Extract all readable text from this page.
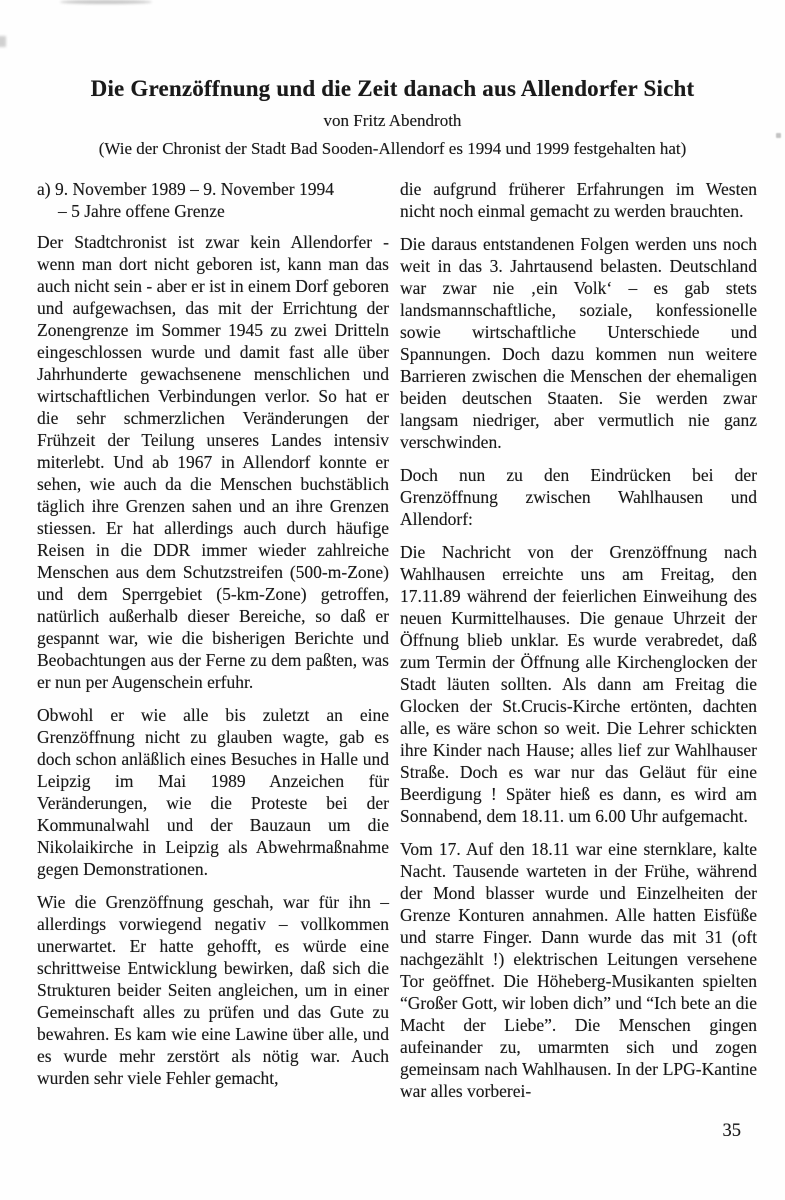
Die Grenzöffnung und die Zeit danach aus Allendorfer Sicht
von Fritz Abendroth
(Wie der Chronist der Stadt Bad Sooden-Allendorf es 1994 und 1999 festgehalten hat)
a) 9. November 1989 – 9. November 1994
– 5 Jahre offene Grenze

Der Stadtchronist ist zwar kein Allendorfer - wenn man dort nicht geboren ist, kann man das auch nicht sein - aber er ist in einem Dorf geboren und aufgewachsen, das mit der Errichtung der Zonengrenze im Sommer 1945 zu zwei Dritteln eingeschlossen wurde und damit fast alle über Jahrhunderte gewachsenene menschlichen und wirtschaftlichen Verbindungen verlor. So hat er die sehr schmerzlichen Veränderungen der Frühzeit der Teilung unseres Landes intensiv miterlebt. Und ab 1967 in Allendorf konnte er sehen, wie auch da die Menschen buchstäblich täglich ihre Grenzen sahen und an ihre Grenzen stiessen. Er hat allerdings auch durch häufige Reisen in die DDR immer wieder zahlreiche Menschen aus dem Schutzstreifen (500-m-Zone) und dem Sperrgebiet (5-km-Zone) getroffen, natürlich außerhalb dieser Bereiche, so daß er gespannt war, wie die bisherigen Berichte und Beobachtungen aus der Ferne zu dem paßten, was er nun per Augenschein erfuhr.

Obwohl er wie alle bis zuletzt an eine Grenzöffnung nicht zu glauben wagte, gab es doch schon anläßlich eines Besuches in Halle und Leipzig im Mai 1989 Anzeichen für Veränderungen, wie die Proteste bei der Kommunalwahl und der Bauzaun um die Nikolaikirche in Leipzig als Abwehrmaßnahme gegen Demonstrationen.

Wie die Grenzöffnung geschah, war für ihn – allerdings vorwiegend negativ – vollkommen unerwartet. Er hatte gehofft, es würde eine schrittweise Entwicklung bewirken, daß sich die Strukturen beider Seiten angleichen, um in einer Gemeinschaft alles zu prüfen und das Gute zu bewahren. Es kam wie eine Lawine über alle, und es wurde mehr zerstört als nötig war. Auch wurden sehr viele Fehler gemacht,

die aufgrund früherer Erfahrungen im Westen nicht noch einmal gemacht zu werden brauchten.

Die daraus entstandenen Folgen werden uns noch weit in das 3. Jahrtausend belasten. Deutschland war zwar nie ‚ein Volk‘ – es gab stets landsmannschaftliche, soziale, konfessionelle sowie wirtschaftliche Unterschiede und Spannungen. Doch dazu kommen nun weitere Barrieren zwischen die Menschen der ehemaligen beiden deutschen Staaten. Sie werden zwar langsam niedriger, aber vermutlich nie ganz verschwinden.

Doch nun zu den Eindrücken bei der Grenzöffnung zwischen Wahlhausen und Allendorf:

Die Nachricht von der Grenzöffnung nach Wahlhausen erreichte uns am Freitag, den 17.11.89 während der feierlichen Einweihung des neuen Kurmittelhauses. Die genaue Uhrzeit der Öffnung blieb unklar. Es wurde verabredet, daß zum Termin der Öffnung alle Kirchenglocken der Stadt läuten sollten. Als dann am Freitag die Glocken der St.Crucis-Kirche ertönten, dachten alle, es wäre schon so weit. Die Lehrer schickten ihre Kinder nach Hause; alles lief zur Wahlhauser Straße. Doch es war nur das Geläut für eine Beerdigung ! Später hieß es dann, es wird am Sonnabend, dem 18.11. um 6.00 Uhr aufgemacht.

Vom 17. Auf den 18.11 war eine sternklare, kalte Nacht. Tausende warteten in der Frühe, während der Mond blasser wurde und Einzelheiten der Grenze Konturen annahmen. Alle hatten Eisfüße und starre Finger. Dann wurde das mit 31 (oft nachgezählt !) elektrischen Leitungen versehene Tor geöffnet. Die Höheberg-Musikanten spielten “Großer Gott, wir loben dich” und “Ich bete an die Macht der Liebe”. Die Menschen gingen aufeinander zu, umarmten sich und zogen gemeinsam nach Wahlhausen. In der LPG-Kantine war alles vorberei-

35
